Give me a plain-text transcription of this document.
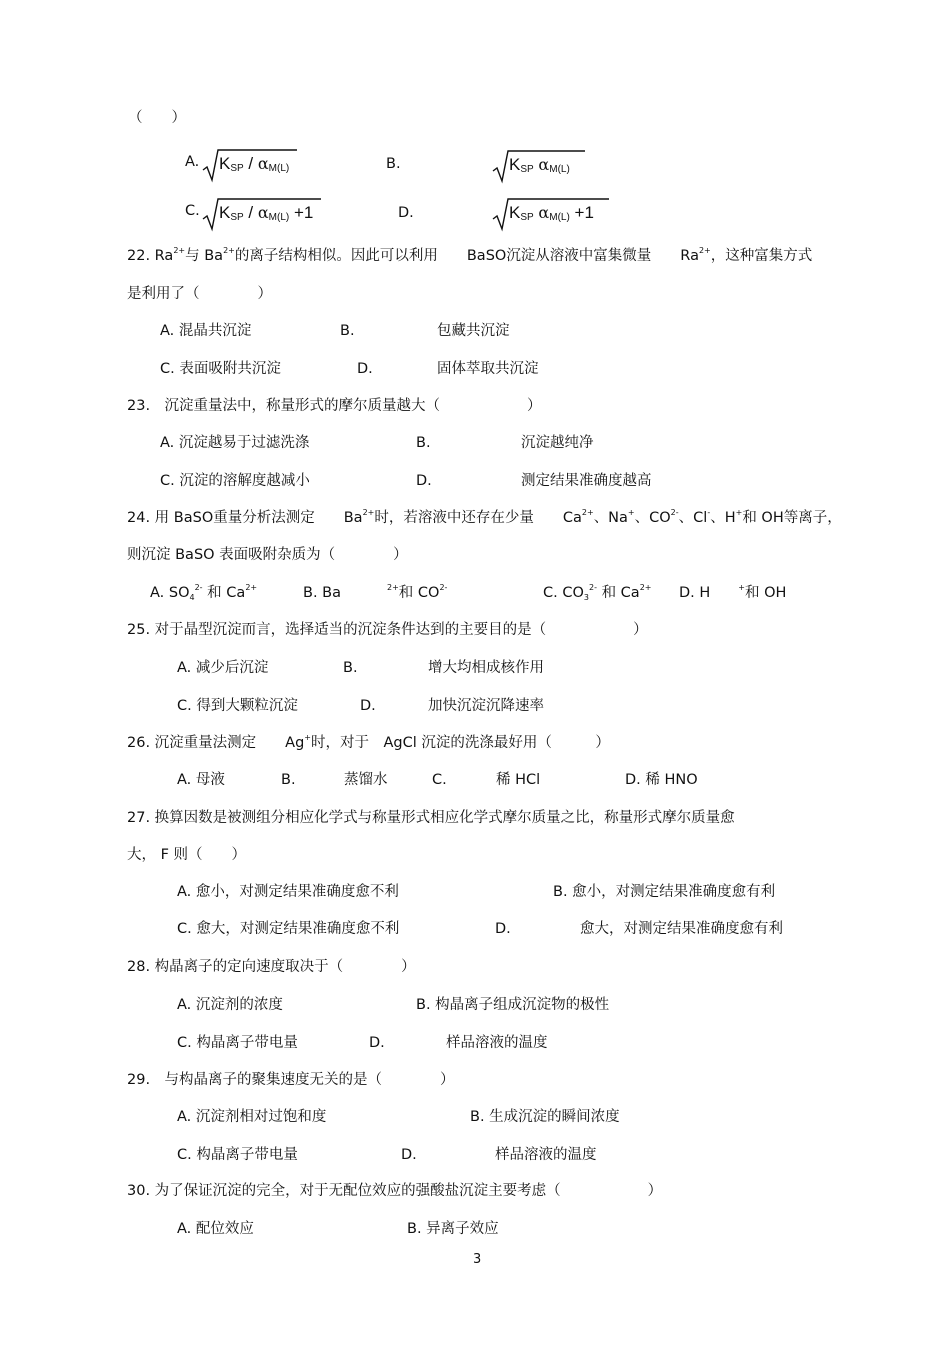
（　　）
A. $K_{SP} / \alpha_{M(L)}$	B.	$K_{SP}$ $\alpha_{M(L)}$
C. $K_{SP} / \alpha_{M(L)} +1$	D.	$K_{SP}$ $\alpha_{M(L)} +1$
22. $Ra^{2+}$与 $Ba^{2+}$的离子结构相似。因此可以利用　　BaSO沉淀从溶液中富集微量　　$Ra^{2+}$，这种富集方式
是利用了（　　　　）
A. 混晶共沉淀	B.	包藏共沉淀
C. 表面吸附共沉淀	D.	固体萃取共沉淀
23.　沉淀重量法中，称量形式的摩尔质量越大（　　　　　　）
A. 沉淀越易于过滤洗涤	B.	沉淀越纯净
C. 沉淀的溶解度越减小	D.	测定结果准确度越高
24. 用 BaSO重量分析法测定　　$Ba^{2+}$时，若溶液中还存在少量　　$Ca^{2+}$、Na+、$CO^{2-}$、Cl-、H+和 OH等离子，
则沉淀 BaSO 表面吸附杂质为（　　　　）
A. $SO_4^{2-}$ 和 $Ca^{2+}$	B. Ba	$^{2+}$和 $CO^{2-}$	C. $CO_3^{2-}$ 和 $Ca^{2+}$ D. H	+和 OH
25. 对于晶型沉淀而言，选择适当的沉淀条件达到的主要目的是（　　　　　　）
A. 减少后沉淀	B.	增大均相成核作用
C. 得到大颗粒沉淀	D.	加快沉淀沉降速率
26. 沉淀重量法测定　　Ag+时，对于　AgCl 沉淀的洗涤最好用（　　　）
A. 母液	B.	蒸馏水	C.	稀 HCl	D. 稀 HNO
27. 换算因数是被测组分相应化学式与称量形式相应化学式摩尔质量之比，称量形式摩尔质量愈
大， F 则（　　）
A. 愈小，对测定结果准确度愈不利	B. 愈小，对测定结果准确度愈有利
C. 愈大，对测定结果准确度愈不利	D.	愈大，对测定结果准确度愈有利
28. 构晶离子的定向速度取决于（　　　　）
A. 沉淀剂的浓度	B. 构晶离子组成沉淀物的极性
C. 构晶离子带电量	D.	样品溶液的温度
29.　与构晶离子的聚集速度无关的是（　　　　）
A. 沉淀剂相对过饱和度	B. 生成沉淀的瞬间浓度
C. 构晶离子带电量	D.	样品溶液的温度
30. 为了保证沉淀的完全，对于无配位效应的强酸盐沉淀主要考虑（　　　　　　）
A. 配位效应	B. 异离子效应
3
